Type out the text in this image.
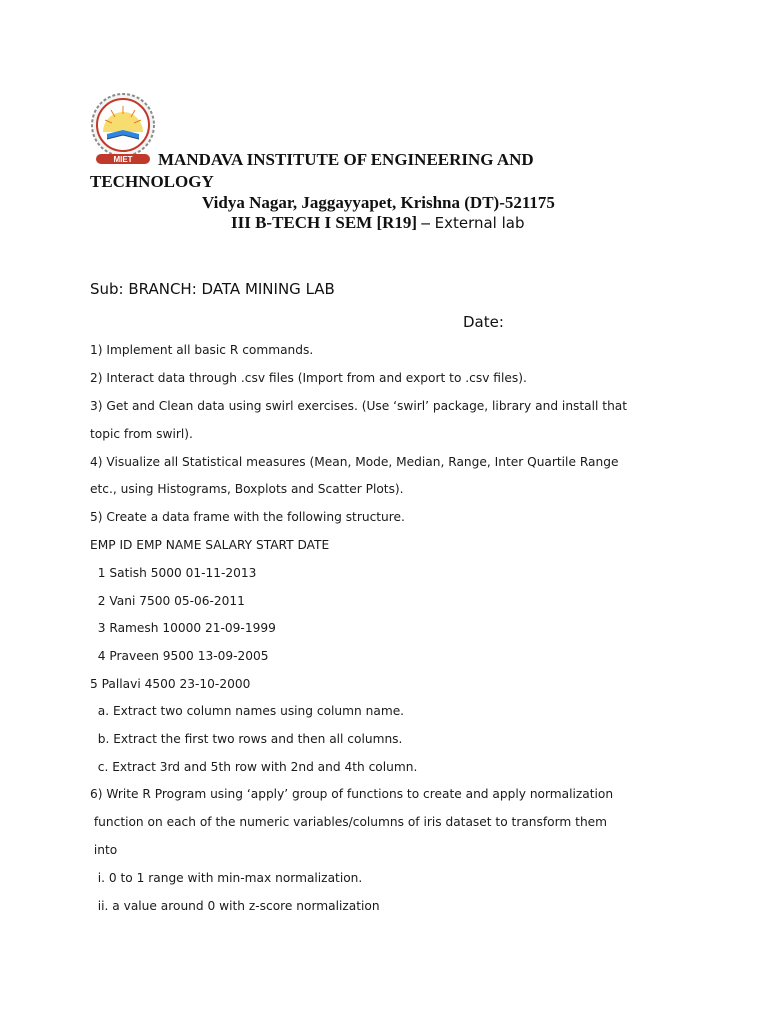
MIET MANDAVA INSTITUTE OF ENGINEERING AND
TECHNOLOGY
Vidya Nagar, Jaggayyapet, Krishna (DT)-521175
III B-TECH I SEM [R19] – External lab
Sub: BRANCH: DATA MINING LAB
Date:
1) Implement all basic R commands.
2) Interact data through .csv files (Import from and export to .csv files).
3) Get and Clean data using swirl exercises. (Use ‘swirl’ package, library and install that
topic from swirl).
4) Visualize all Statistical measures (Mean, Mode, Median, Range, Inter Quartile Range
etc., using Histograms, Boxplots and Scatter Plots).
5) Create a data frame with the following structure.
EMP ID EMP NAME SALARY START DATE
1 Satish 5000 01-11-2013
2 Vani 7500 05-06-2011
3 Ramesh 10000 21-09-1999
4 Praveen 9500 13-09-2005
5 Pallavi 4500 23-10-2000
a. Extract two column names using column name.
b. Extract the first two rows and then all columns.
c. Extract 3rd and 5th row with 2nd and 4th column.
6) Write R Program using ‘apply’ group of functions to create and apply normalization
function on each of the numeric variables/columns of iris dataset to transform them
into
i. 0 to 1 range with min-max normalization.
ii. a value around 0 with z-score normalization
